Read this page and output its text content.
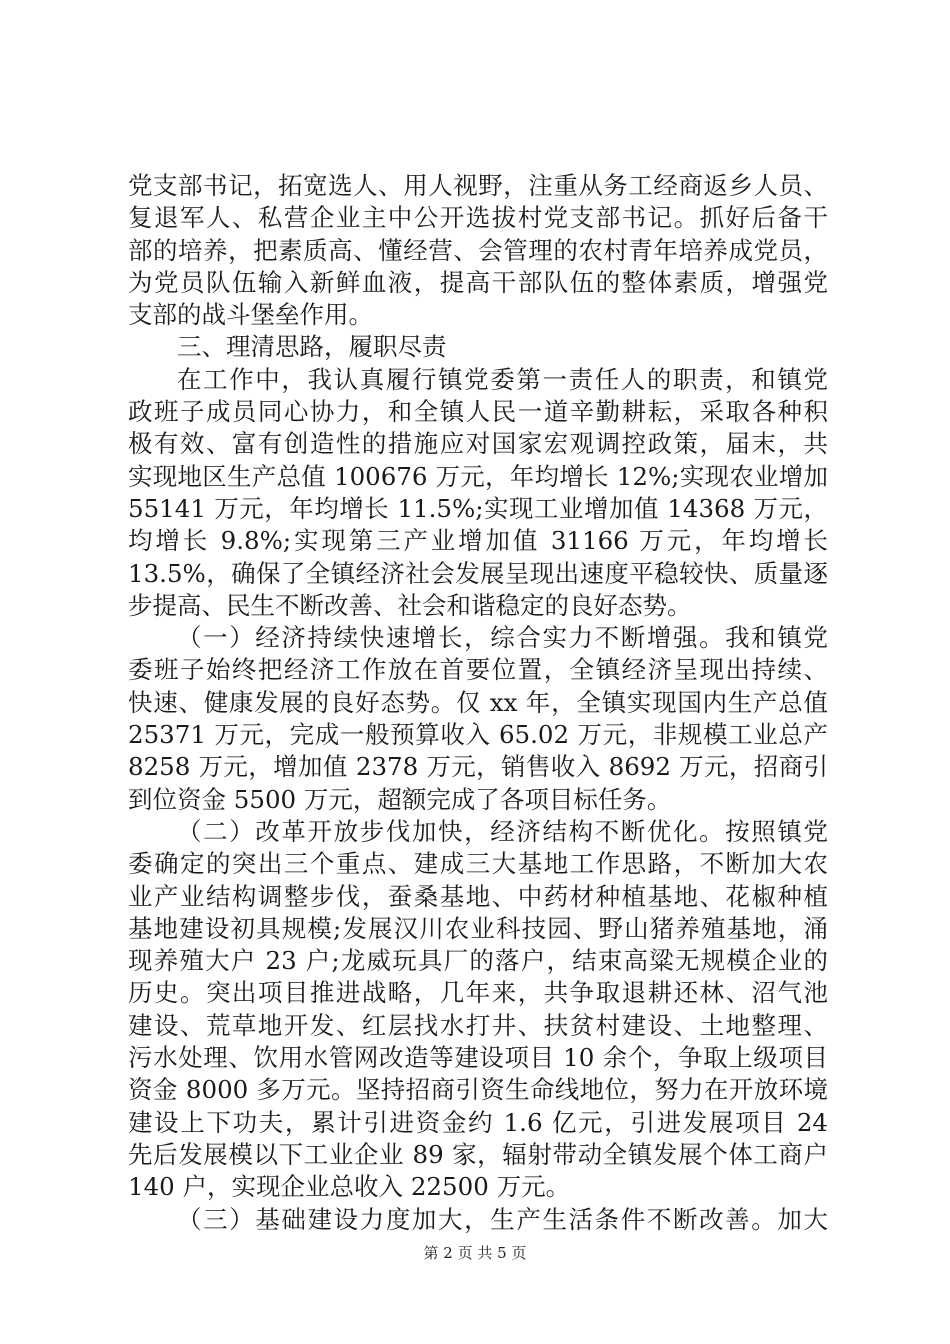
党支部书记，拓宽选人、用人视野，注重从务工经商返乡人员、
复退军人、私营企业主中公开选拔村党支部书记。抓好后备干
部的培养，把素质高、懂经营、会管理的农村青年培养成党员，
为党员队伍输入新鲜血液，提高干部队伍的整体素质，增强党
支部的战斗堡垒作用。
三、理清思路，履职尽责
在工作中，我认真履行镇党委第一责任人的职责，和镇党
政班子成员同心协力，和全镇人民一道辛勤耕耘，采取各种积
极有效、富有创造性的措施应对国家宏观调控政策，届末，共
实现地区生产总值 100676 万元，年均增长 12%;实现农业增加
55141 万元，年均增长 11.5%;实现工业增加值 14368 万元，
均增长 9.8%;实现第三产业增加值 31166 万元，年均增长
13.5%，确保了全镇经济社会发展呈现出速度平稳较快、质量逐
步提高、民生不断改善、社会和谐稳定的良好态势。
（一）经济持续快速增长，综合实力不断增强。我和镇党
委班子始终把经济工作放在首要位置，全镇经济呈现出持续、
快速、健康发展的良好态势。仅 xx 年，全镇实现国内生产总值
25371 万元，完成一般预算收入 65.02 万元，非规模工业总产
8258 万元，增加值 2378 万元，销售收入 8692 万元，招商引
到位资金 5500 万元，超额完成了各项目标任务。
（二）改革开放步伐加快，经济结构不断优化。按照镇党
委确定的突出三个重点、建成三大基地工作思路，不断加大农
业产业结构调整步伐，蚕桑基地、中药材种植基地、花椒种植
基地建设初具规模;发展汉川农业科技园、野山猪养殖基地，涌
现养殖大户 23 户;龙威玩具厂的落户，结束高粱无规模企业的
历史。突出项目推进战略，几年来，共争取退耕还林、沼气池
建设、荒草地开发、红层找水打井、扶贫村建设、土地整理、
污水处理、饮用水管网改造等建设项目 10 余个，争取上级项目
资金 8000 多万元。坚持招商引资生命线地位，努力在开放环境
建设上下功夫，累计引进资金约 1.6 亿元，引进发展项目 24
先后发展模以下工业企业 89 家，辐射带动全镇发展个体工商户
140 户，实现企业总收入 22500 万元。
（三）基础建设力度加大，生产生活条件不断改善。加大
第 2 页 共 5 页
